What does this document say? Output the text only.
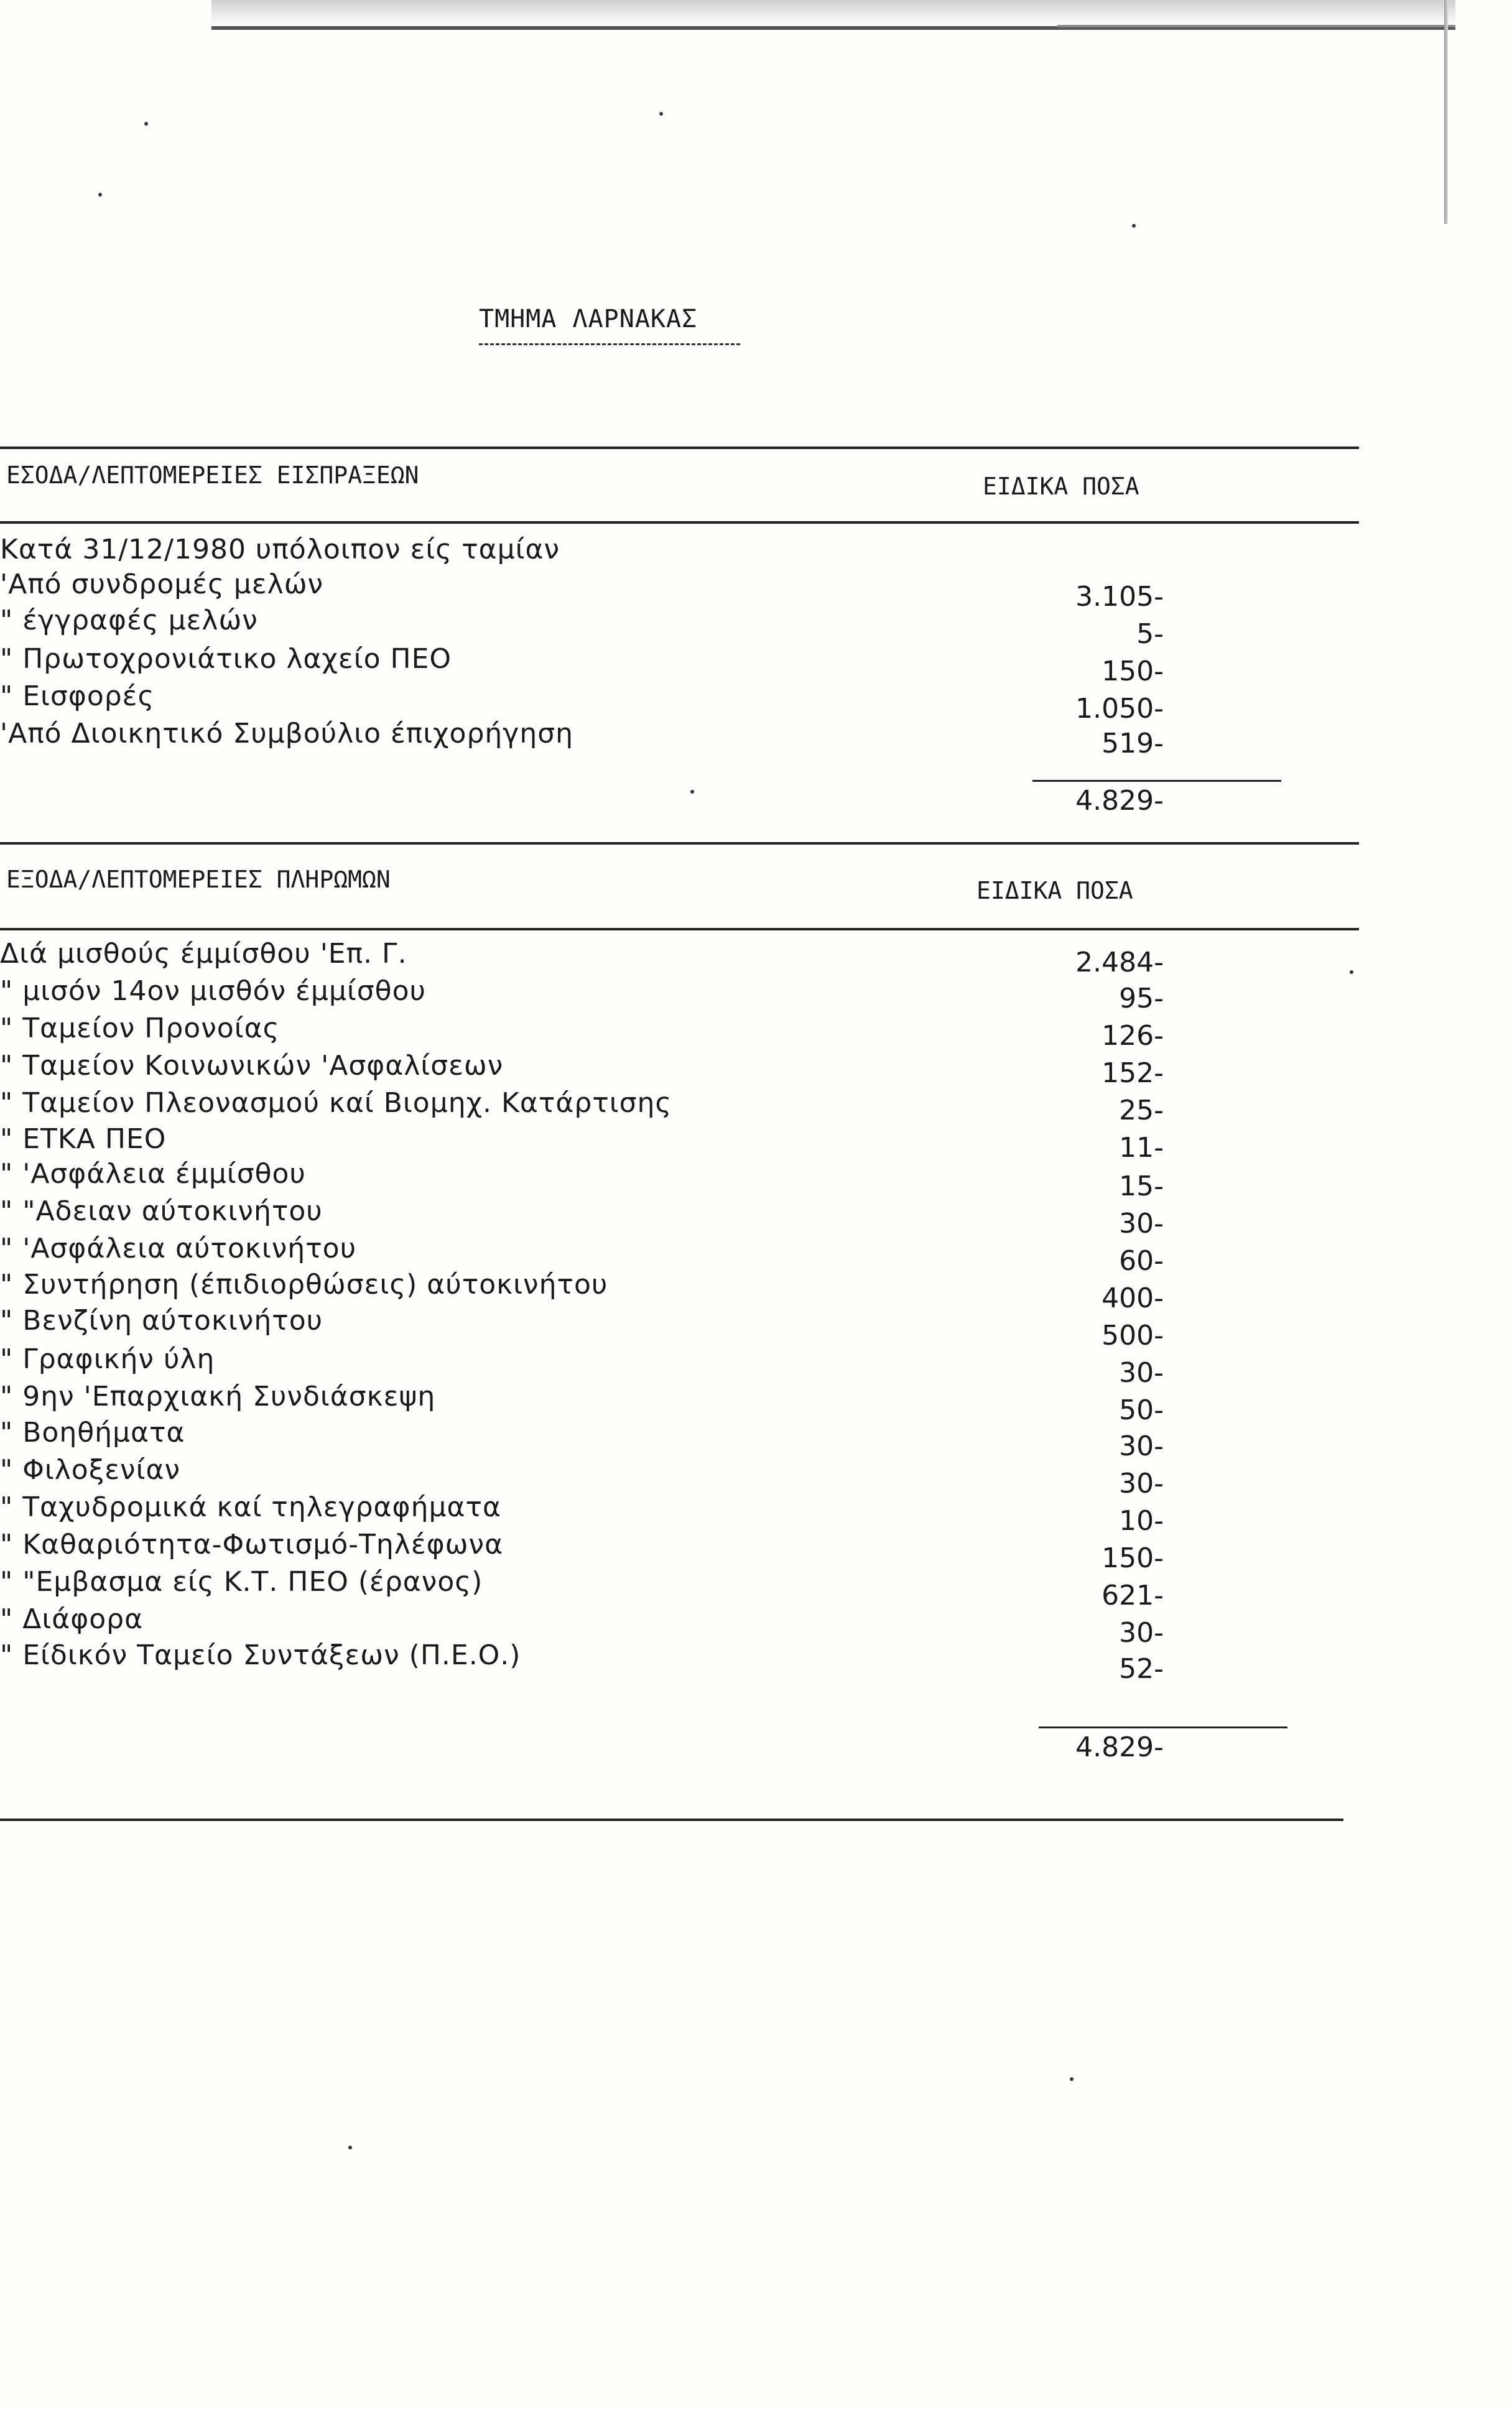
ΤΜΗΜΑ ΛΑΡΝΑΚΑΣ
ΕΣΟΔΑ/ΛΕΠΤΟΜΕΡΕΙΕΣ ΕΙΣΠΡΑΞΕΩΝ	ΕΙΔΙΚΑ ΠΟΣΑ
Κατά 31/12/1980 υπόλοιπον είς ταμίαν
'Από συνδρομές μελών	3.105-
" έγγραφές μελών	5-
" Πρωτοχρονιάτικο λαχείο ΠΕΟ	150-
" Εισφορές	1.050-
'Από Διοικητικό Συμβούλιο έπιχορήγηση	519-
4.829-
ΕΞΟΔΑ/ΛΕΠΤΟΜΕΡΕΙΕΣ ΠΛΗΡΩΜΩΝ	ΕΙΔΙΚΑ ΠΟΣΑ
Διά μισθούς έμμίσθου 'Επ. Γ.	2.484-
" μισόν 14ον μισθόν έμμίσθου	95-
" Ταμείον Προνοίας	126-
" Ταμείον Κοινωνικών 'Ασφαλίσεων	152-
" Ταμείον Πλεονασμού καί Βιομηχ. Κατάρτισης	25-
" ΕΤΚΑ ΠΕΟ	11-
" 'Ασφάλεια έμμίσθου	15-
" "Αδειαν αύτοκινήτου	30-
" 'Ασφάλεια αύτοκινήτου	60-
" Συντήρηση (έπιδιορθώσεις) αύτοκινήτου	400-
" Βενζίνη αύτοκινήτου	500-
" Γραφικήν ύλη	30-
" 9ην 'Επαρχιακή Συνδιάσκεψη	50-
" Βοηθήματα	30-
" Φιλοξενίαν	30-
" Ταχυδρομικά καί τηλεγραφήματα	10-
" Καθαριότητα-Φωτισμό-Τηλέφωνα	150-
" "Εμβασμα είς Κ.Τ. ΠΕΟ (έρανος)	621-
" Διάφορα	30-
" Είδικόν Ταμείο Συντάξεων (Π.Ε.Ο.)	52-
4.829-
